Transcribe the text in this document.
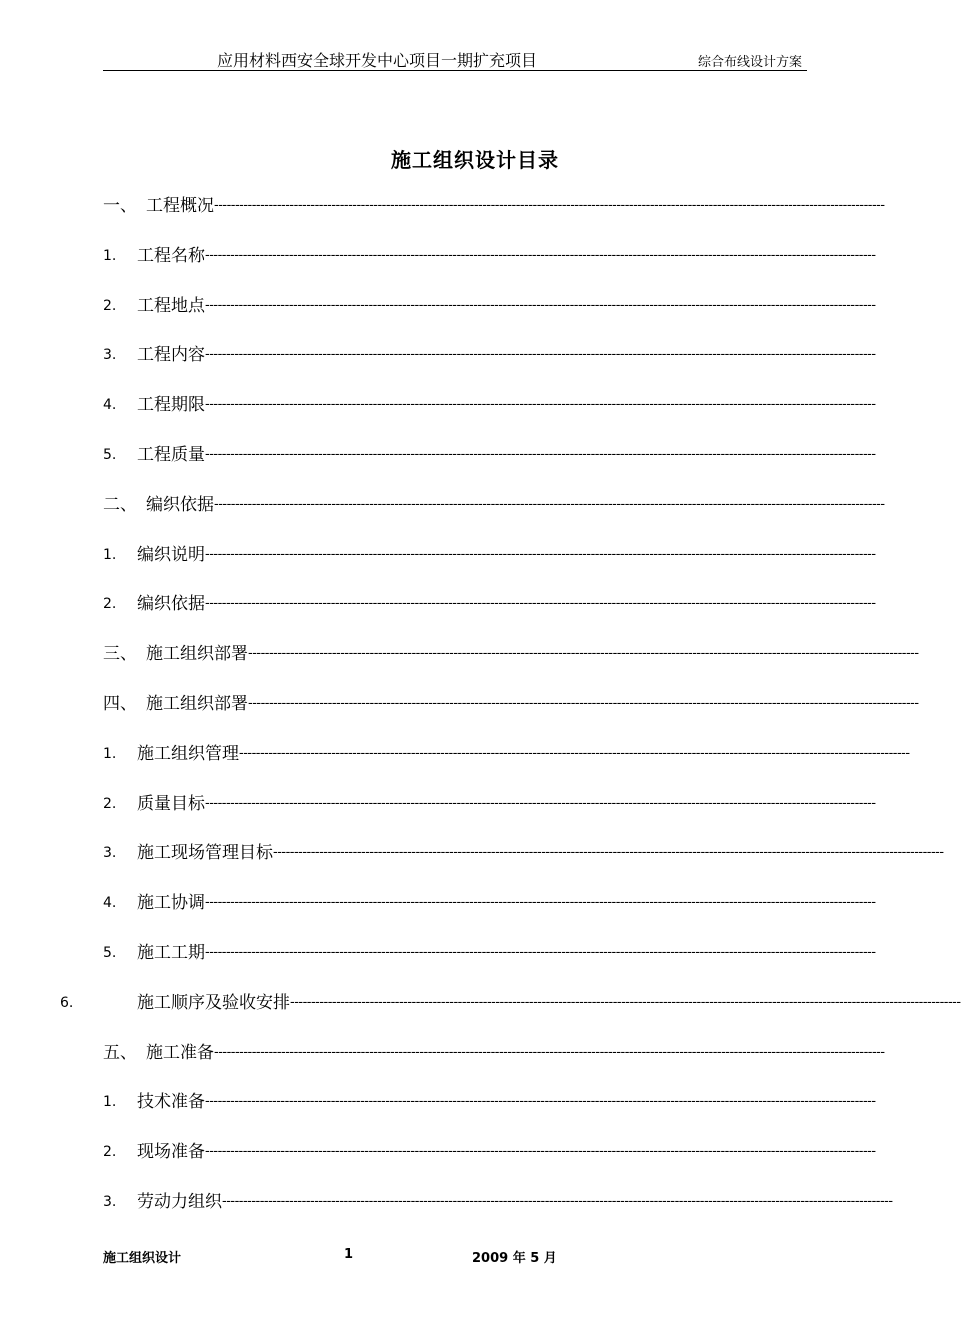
应用材料西安全球开发中心项目一期扩充项目	综合布线设计方案
施工组织设计目录
一、 工程概况----------------------------------------------------------------------------------------------------------------------------------------------------------------
1. 工程名称----------------------------------------------------------------------------------------------------------------------------------------------------------------
2. 工程地点----------------------------------------------------------------------------------------------------------------------------------------------------------------
3. 工程内容----------------------------------------------------------------------------------------------------------------------------------------------------------------
4. 工程期限----------------------------------------------------------------------------------------------------------------------------------------------------------------
5. 工程质量----------------------------------------------------------------------------------------------------------------------------------------------------------------
二、 编织依据----------------------------------------------------------------------------------------------------------------------------------------------------------------
1. 编织说明----------------------------------------------------------------------------------------------------------------------------------------------------------------
2. 编织依据----------------------------------------------------------------------------------------------------------------------------------------------------------------
三、 施工组织部署----------------------------------------------------------------------------------------------------------------------------------------------------------------
四、 施工组织部署----------------------------------------------------------------------------------------------------------------------------------------------------------------
1. 施工组织管理----------------------------------------------------------------------------------------------------------------------------------------------------------------
2. 质量目标----------------------------------------------------------------------------------------------------------------------------------------------------------------
3. 施工现场管理目标----------------------------------------------------------------------------------------------------------------------------------------------------------------
4. 施工协调----------------------------------------------------------------------------------------------------------------------------------------------------------------
5. 施工工期----------------------------------------------------------------------------------------------------------------------------------------------------------------
6.	施工顺序及验收安排----------------------------------------------------------------------------------------------------------------------------------------------------------------
五、 施工准备----------------------------------------------------------------------------------------------------------------------------------------------------------------
1. 技术准备----------------------------------------------------------------------------------------------------------------------------------------------------------------
2. 现场准备----------------------------------------------------------------------------------------------------------------------------------------------------------------
3. 劳动力组织----------------------------------------------------------------------------------------------------------------------------------------------------------------
施工组织设计	1	2009 年 5 月
